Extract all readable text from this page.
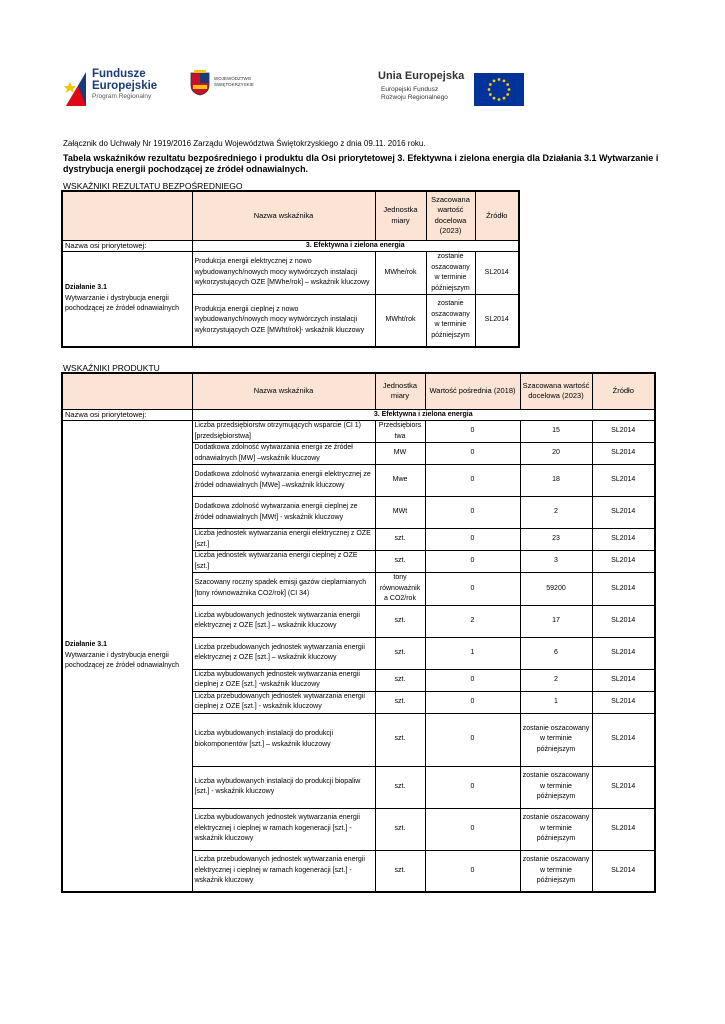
Fundusze
Europejskie
Program Regionalny
WOJEWÓDZTWO
ŚWIĘTOKRZYSKIE
Unia Europejska
Europejski Fundusz
Rozwoju Regionalnego
Załącznik do Uchwały Nr 1919/2016 Zarządu Województwa Świętokrzyskiego z dnia 09.11. 2016 roku.
Tabela wskaźników rezultatu bezpośredniego i produktu dla Osi priorytetowej 3. Efektywna i zielona energia dla Działania 3.1 Wytwarzanie i dystrybucja energii pochodzącej ze źródeł odnawialnych.
WSKAŹNIKI REZULTATU BEZPOŚREDNIEGO
	Nazwa wskaźnika	Jednostka miary	Szacowana wartość docelowa (2023)	Źródło
Nazwa osi priorytetowej:	3. Efektywna i zielona energia			

Działanie 3.1
Wytwarzanie i dystrybucja energii pochodzącej ze źródeł odnawialnych	Produkcja energii elektrycznej z nowo wybudowanych/nowych mocy wytwórczych instalacji wykorzystujących OZE [MWhe/rok] – wskaźnik kluczowy	MWhe/rok	zostanie oszacowany w terminie późniejszym	SL2014
	Produkcja energii cieplnej z nowo wybudowanych/nowych mocy wytwórczych instalacji wykorzystujących OZE [MWht/rok]- wskaźnik kluczowy	MWht/rok	zostanie oszacowany w terminie późniejszym	SL2014
WSKAŹNIKI PRODUKTU
	Nazwa wskaźnika	Jednostka miary	Wartość pośrednia (2018)	Szacowana wartość docelowa (2023)	Źródło
Nazwa osi priorytetowej:	3. Efektywna i zielona energia				

Działanie 3.1
Wytwarzanie i dystrybucja energii pochodzącej ze źródeł odnawialnych	Liczba przedsiębiorstw otrzymujących wsparcie (CI 1) [przedsiębiorstwa]	Przedsiębiors twa	0	15	SL2014
	Dodatkowa zdolność wytwarzania energii ze źródeł odnawialnych [MW] –wskaźnik kluczowy	MW	0	20	SL2014
	Dodatkowa zdolność wytwarzania energii elektrycznej ze źródeł odnawialnych [MWe] –wskaźnik kluczowy	Mwe	0	18	SL2014
	Dodatkowa zdolność wytwarzania energii cieplnej ze źródeł odnawialnych [MWt] - wskaźnik kluczowy	MWt	0	2	SL2014
	Liczba jednostek wytwarzania energii elektrycznej z OZE [szt.]	szt.	0	23	SL2014
	Liczba jednostek wytwarzania energii cieplnej z OZE [szt.]	szt.	0	3	SL2014
	Szacowany roczny spadek emisji gazów cieplarnianych [tony równoważnika CO2/rok] (CI 34)	tony równoważnik a CO2/rok	0	59200	SL2014
	Liczba wybudowanych jednostek wytwarzania energii elektrycznej z OZE [szt.] – wskaźnik kluczowy	szt.	2	17	SL2014
	Liczba przebudowanych jednostek wytwarzania energii elektrycznej z OZE [szt.] – wskaźnik kluczowy	szt.	1	6	SL2014
	Liczba wybudowanych jednostek wytwarzania energii cieplnej z OZE [szt.] -wskaźnik kluczowy	szt.	0	2	SL2014
	Liczba przebudowanych jednostek wytwarzania energii cieplnej z OZE [szt.] - wskaźnik kluczowy	szt.	0	1	SL2014
	Liczba wybudowanych instalacji do produkcji biokomponentów [szt.] – wskaźnik kluczowy	szt.	0	zostanie oszacowany w terminie późniejszym	SL2014
	Liczba wybudowanych instalacji do produkcji biopaliw [szt.] - wskaźnik kluczowy	szt.	0	zostanie oszacowany w terminie późniejszym	SL2014
	Liczba wybudowanych jednostek wytwarzania energii elektrycznej i cieplnej w ramach kogeneracji [szt.] - wskaźnik kluczowy	szt.	0	zostanie oszacowany w terminie późniejszym	SL2014
	Liczba przebudowanych jednostek wytwarzania energii elektrycznej i cieplnej w ramach kogeneracji [szt.] - wskaźnik kluczowy	szt.	0	zostanie oszacowany w terminie późniejszym	SL2014
